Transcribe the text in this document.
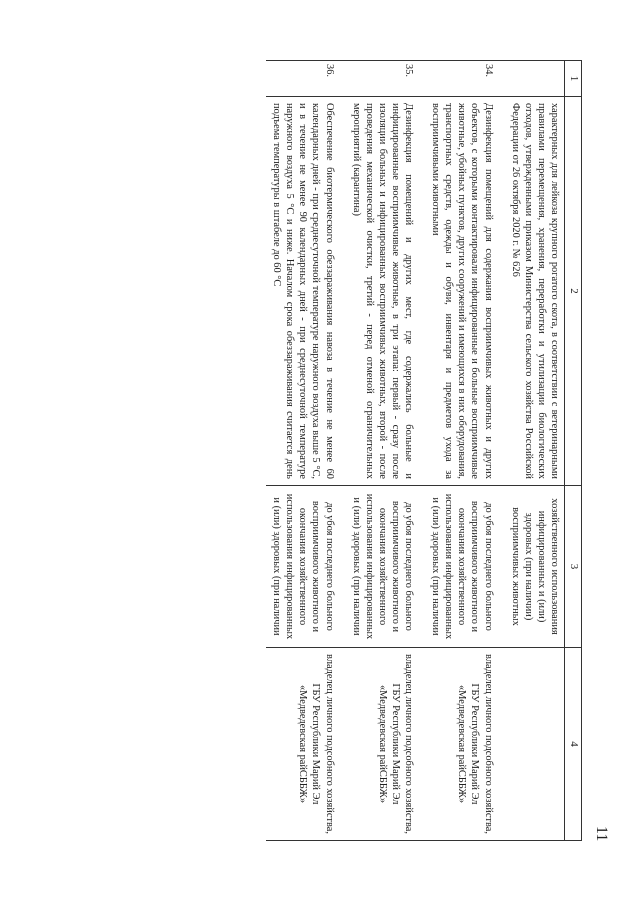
11
1	2	3	4
	характерных для лейкоза крупного рогатого скота, в соответствии с ветеринарными правилами перемещения, хранения, переработки и утилизации биологических отходов, утвержденными приказом Министерства сельского хозяйства Российской Федерации от 26 октября 2020 г. № 626	хозяйственного использования инфицированных и (или) здоровых (при наличии) восприимчивых животных	
34.	Дезинфекция помещений для содержания восприимчивых животных и других объектов, с которыми контактировали инфицированные и больные восприимчивые животные, убойных пунктов, других сооружений и имеющихся в них оборудования, транспортных средств, одежды и обуви, инвентаря и предметов ухода за восприимчивыми животными	до убоя последнего больного восприимчивого животного и окончания хозяйственного использования инфицированных и (или) здоровых (при наличии	владелец личного подсобного хозяйства, ГБУ Республики Марий Эл «Медведевская райСББЖ»
35.	Дезинфекция помещений и других мест, где содержались больные и инфицированные восприимчивые животные, в три этапа: первый - сразу после изоляции больных и инфицированных восприимчивых животных, второй - после проведения механической очистки, третий - перед отменой ограничительных мероприятий (карантина)	до убоя последнего больного восприимчивого животного и окончания хозяйственного использования инфицированных и (или) здоровых (при наличии	владелец личного подсобного хозяйства, ГБУ Республики Марий Эл «Медведевская райСББЖ»
36.	Обеспечение биотермического обеззараживания навоза в течение не менее 60 календарных дней - при среднесуточной температуре наружного воздуха выше 5 °С, и в течение не менее 90 календарных дней - при среднесуточной температуре наружного воздуха 5 °С и ниже. Началом срока обеззараживания считается день подъема температуры в штабеле до 60 °С	до убоя последнего больного восприимчивого животного и окончания хозяйственного использования инфицированных и (или) здоровых (при наличии	владелец личного подсобного хозяйства, ГБУ Республики Марий Эл «Медведевская райСББЖ»
